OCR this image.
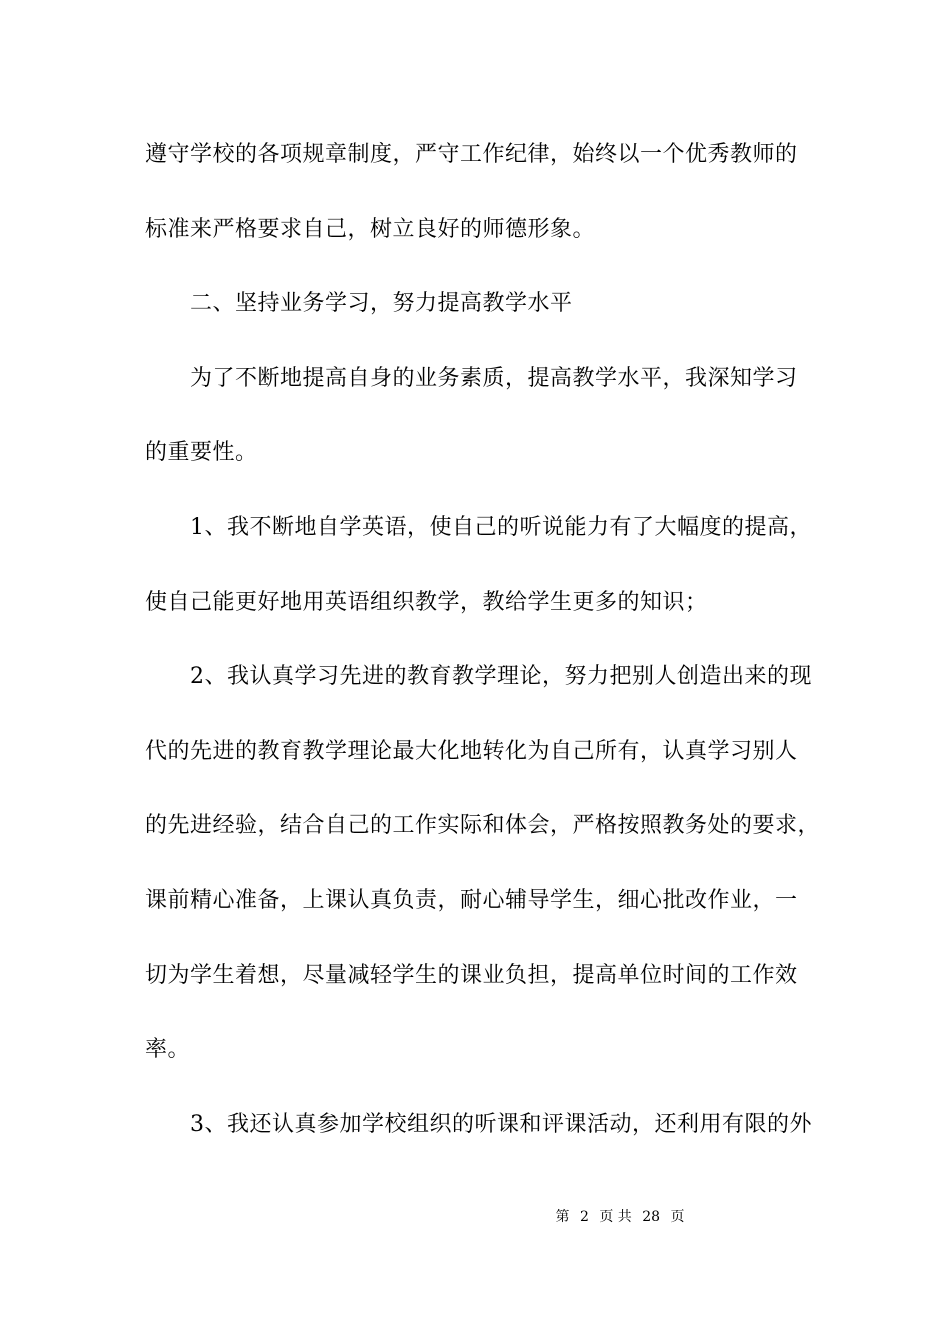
遵守学校的各项规章制度，严守工作纪律，始终以一个优秀教师的
标准来严格要求自己，树立良好的师德形象。
二、坚持业务学习，努力提高教学水平
为了不断地提高自身的业务素质，提高教学水平，我深知学习
的重要性。
1、我不断地自学英语，使自己的听说能力有了大幅度的提高，
使自己能更好地用英语组织教学，教给学生更多的知识；
2、我认真学习先进的教育教学理论，努力把别人创造出来的现
代的先进的教育教学理论最大化地转化为自己所有，认真学习别人
的先进经验，结合自己的工作实际和体会，严格按照教务处的要求，
课前精心准备，上课认真负责，耐心辅导学生，细心批改作业，一
切为学生着想，尽量减轻学生的课业负担，提高单位时间的工作效
率。
3、我还认真参加学校组织的听课和评课活动，还利用有限的外
第 2 页 共 28 页
